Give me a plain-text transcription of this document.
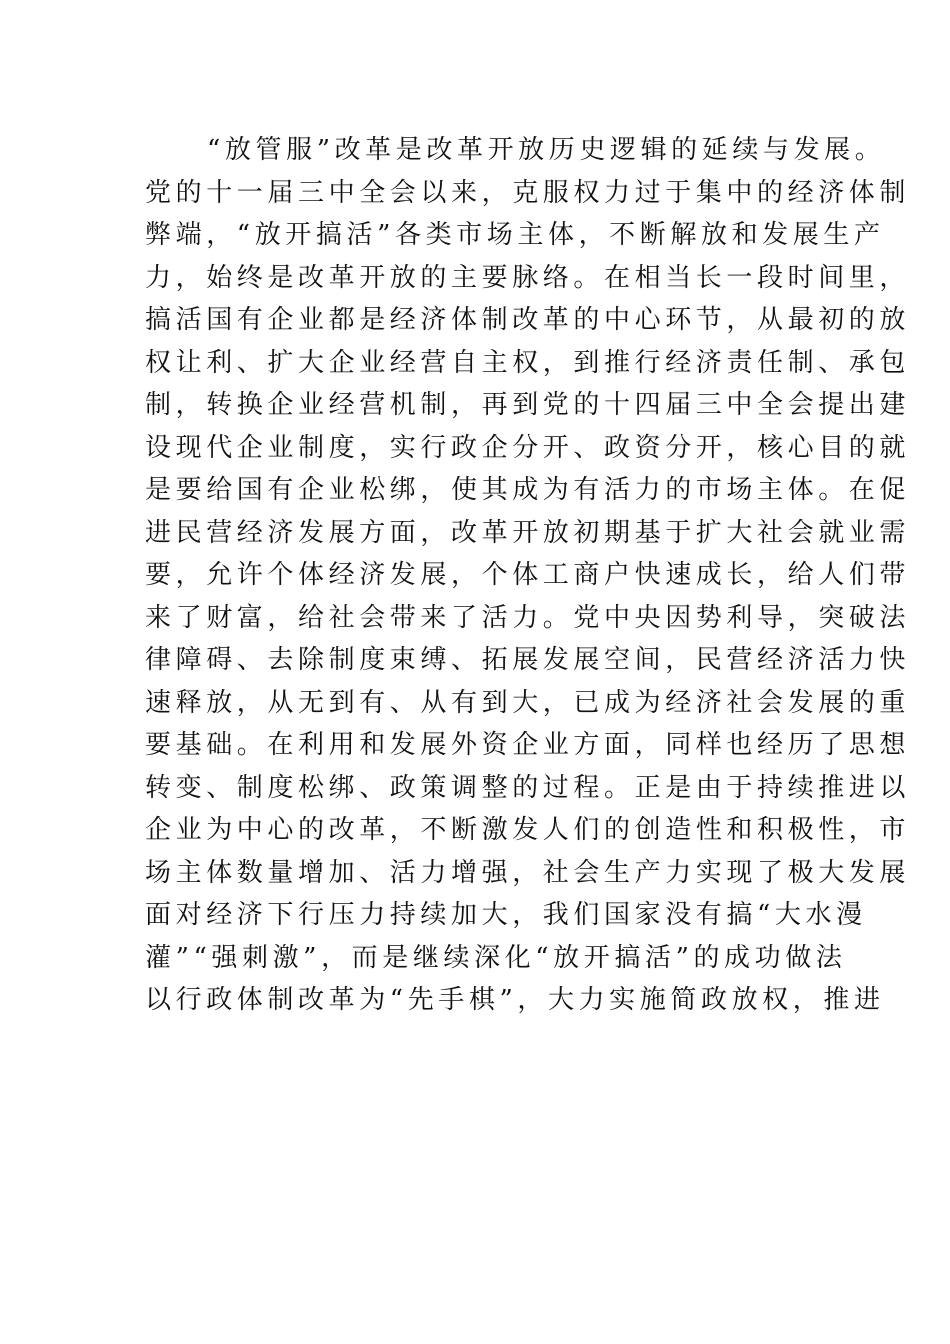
“放管服”改革是改革开放历史逻辑的延续与发展。
党的十一届三中全会以来，克服权力过于集中的经济体制
弊端，“放开搞活”各类市场主体，不断解放和发展生产
力，始终是改革开放的主要脉络。在相当长一段时间里，
搞活国有企业都是经济体制改革的中心环节，从最初的放
权让利、扩大企业经营自主权，到推行经济责任制、承包
制，转换企业经营机制，再到党的十四届三中全会提出建
设现代企业制度，实行政企分开、政资分开，核心目的就
是要给国有企业松绑，使其成为有活力的市场主体。在促
进民营经济发展方面，改革开放初期基于扩大社会就业需
要，允许个体经济发展，个体工商户快速成长，给人们带
来了财富，给社会带来了活力。党中央因势利导，突破法
律障碍、去除制度束缚、拓展发展空间，民营经济活力快
速释放，从无到有、从有到大，已成为经济社会发展的重
要基础。在利用和发展外资企业方面，同样也经历了思想
转变、制度松绑、政策调整的过程。正是由于持续推进以
企业为中心的改革，不断激发人们的创造性和积极性，市
场主体数量增加、活力增强，社会生产力实现了极大发展
面对经济下行压力持续加大，我们国家没有搞“大水漫
灌”“强刺激”，而是继续深化“放开搞活”的成功做法
以行政体制改革为“先手棋”，大力实施简政放权，推进
